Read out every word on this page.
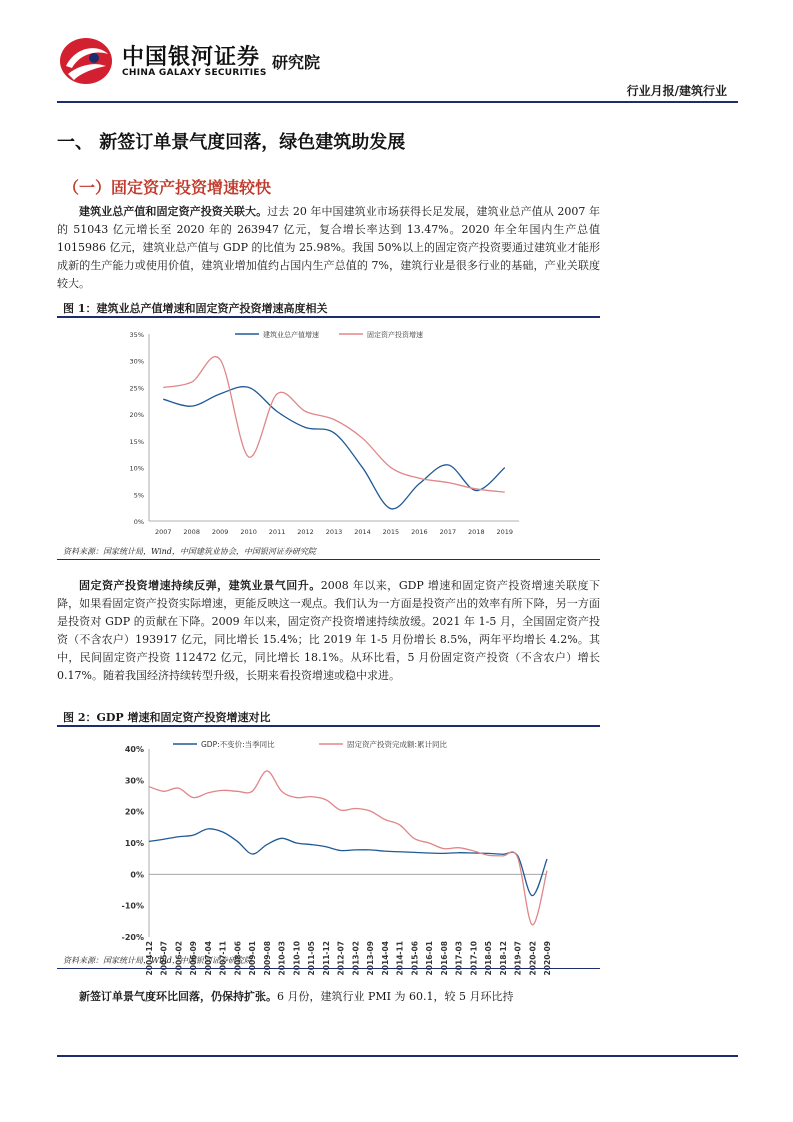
中国银河证券
CHINA GALAXY SECURITIES
研究院
行业月报/建筑行业
一、 新签订单景气度回落，绿色建筑助发展
（一）固定资产投资增速较快

建筑业总产值和固定资产投资关联大。过去 20 年中国建筑业市场获得长足发展，建筑业总产值从 2007 年的 51043 亿元增长至 2020 年的 263947 亿元，复合增长率达到 13.47%。2020 年全年国内生产总值 1015986 亿元，建筑业总产值与 GDP 的比值为 25.98%。我国 50%以上的固定资产投资要通过建筑业才能形成新的生产能力或使用价值，建筑业增加值约占国内生产总值的 7%，建筑行业是很多行业的基础，产业关联度较大。

图 1：建筑业总产值增速和固定资产投资增速高度相关
0%
5%
10%
15%
20%
25%
30%
35%
2007 2008 2009 2010 2011 2012 2013 2014 2015 2016 2017 2018 2019
建筑业总产值增速	固定资产投资增速
资料来源：国家统计局，Wind，中国建筑业协会，中国银河证券研究院

固定资产投资增速持续反弹，建筑业景气回升。2008 年以来，GDP 增速和固定资产投资增速关联度下降，如果看固定资产投资实际增速，更能反映这一观点。我们认为一方面是投资产出的效率有所下降，另一方面是投资对 GDP 的贡献在下降。2009 年以来，固定资产投资增速持续放缓。2021 年 1-5 月，全国固定资产投资（不含农户）193917 亿元，同比增长 15.4%；比 2019 年 1-5 月份增长 8.5%，两年平均增长 4.2%。其中，民间固定资产投资 112472 亿元，同比增长 18.1%。从环比看，5 月份固定资产投资（不含农户）增长 0.17%。随着我国经济持续转型升级，长期来看投资增速或稳中求进。

图 2：GDP 增速和固定资产投资增速对比
-20%
-10%
0%
10%
20%
30%
40%
2004-12 2005-07 2006-02 2006-09 2007-04 2007-11 2008-06 2009-01 2009-08 2010-03 2010-10 2011-05 2011-12 2012-07 2013-02 2013-09 2014-04 2014-11 2015-06 2016-01 2016-08 2017-03 2017-10 2018-05 2018-12 2019-07 2020-02 2020-09
GDP:不变价:当季同比	固定资产投资完成额:累计同比
资料来源：国家统计局，Wind，中国银河证券研究院

新签订单景气度环比回落，仍保持扩张。6 月份，建筑行业 PMI 为 60.1，较 5 月环比持
